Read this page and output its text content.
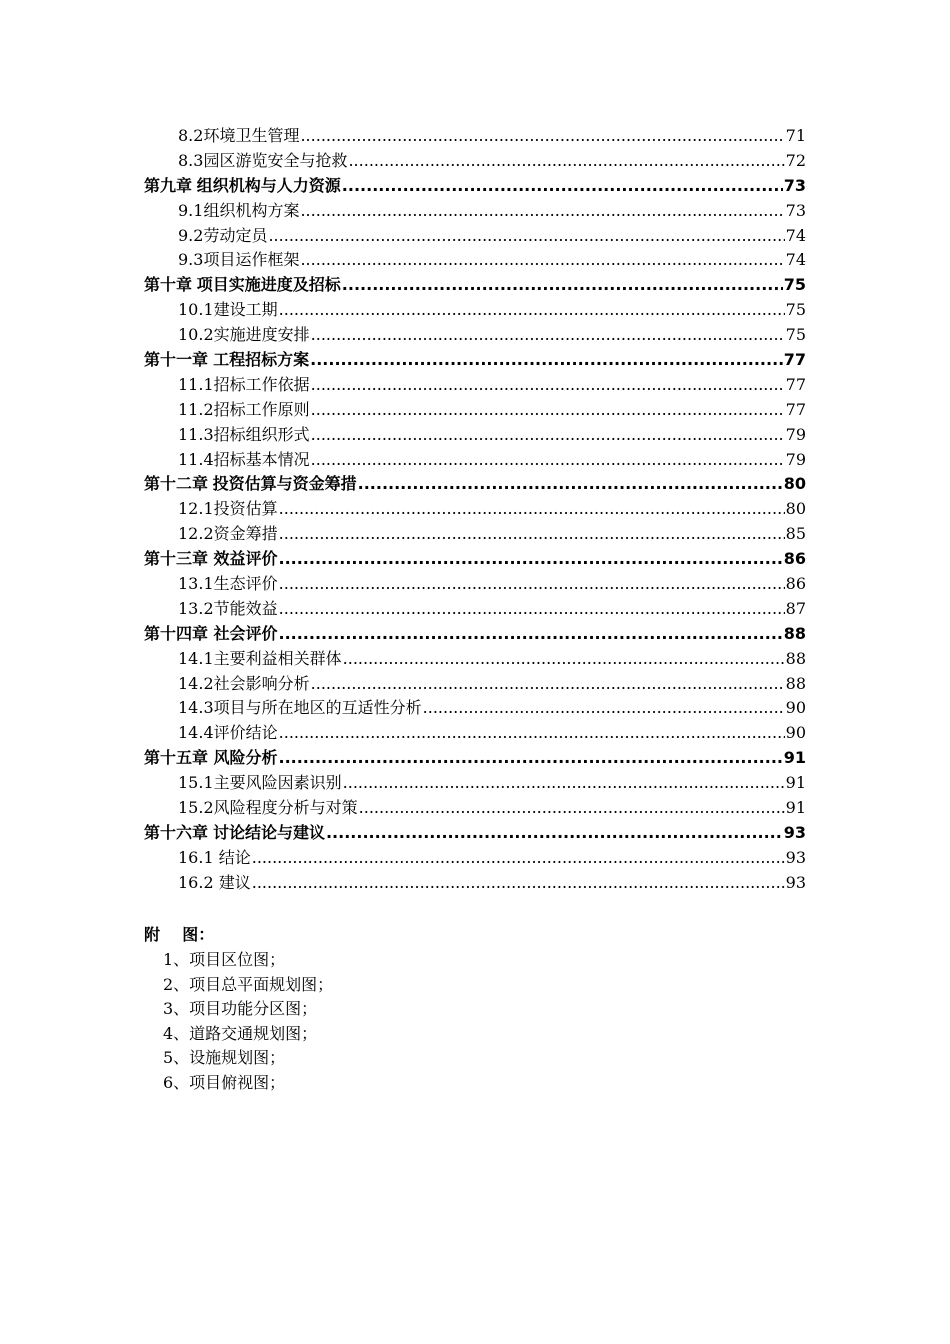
8.2 环境卫生管理 .....	71
8.3 园区游览安全与抢救 .....	72
第九章 组织机构与人力资源 .....	73
9.1 组织机构方案 .....	73
9.2 劳动定员 .....	74
9.3 项目运作框架 .....	74
第十章 项目实施进度及招标 .....	75
10.1 建设工期 .....	75
10.2 实施进度安排 .....	75
第十一章 工程招标方案 .....	77
11.1 招标工作依据 .....	77
11.2 招标工作原则 .....	77
11.3 招标组织形式 .....	79
11.4 招标基本情况 .....	79
第十二章 投资估算与资金筹措 .....	80
12.1 投资估算 .....	80
12.2 资金筹措 .....	85
第十三章 效益评价 .....	86
13.1 生态评价 .....	86
13.2 节能效益 .....	87
第十四章 社会评价 .....	88
14.1 主要利益相关群体 .....	88
14.2 社会影响分析 .....	88
14.3 项目与所在地区的互适性分析 .....	90
14.4 评价结论 .....	90
第十五章 风险分析 .....	91
15.1 主要风险因素识别 .....	91
15.2 风险程度分析与对策 .....	91
第十六章 讨论结论与建议 .....	93
16.1 结论 .....	93
16.2 建议 .....	93
附    图：
1、项目区位图；
2、项目总平面规划图；
3、项目功能分区图；
4、道路交通规划图；
5、设施规划图；
6、项目俯视图；
